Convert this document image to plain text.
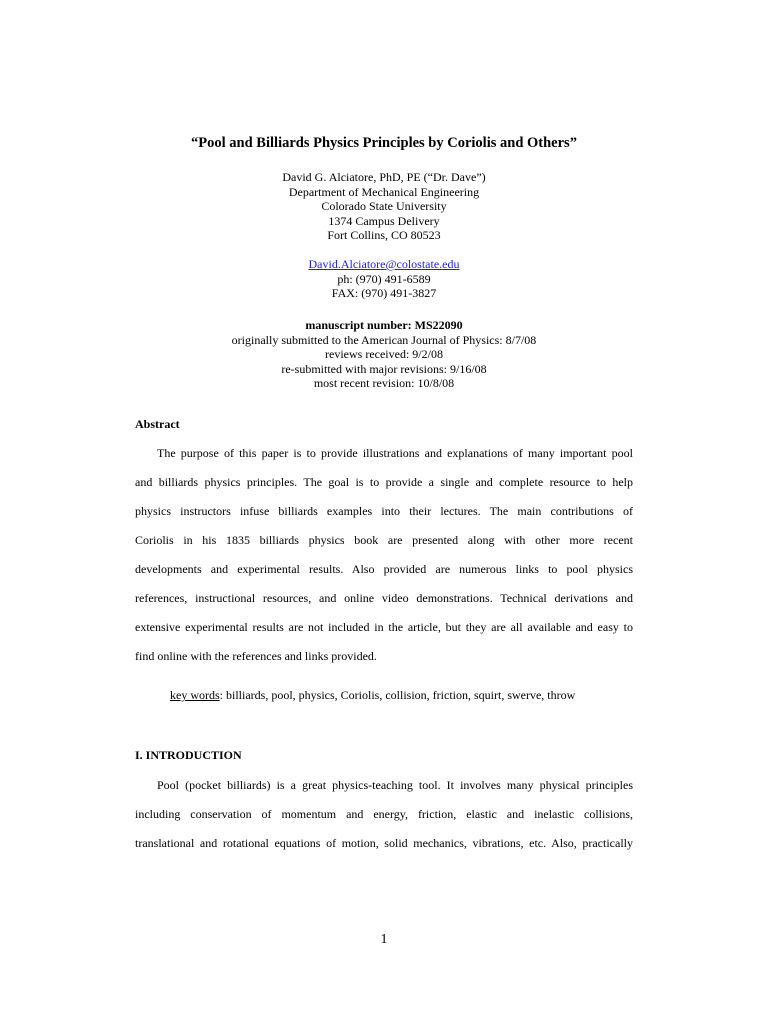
“Pool and Billiards Physics Principles by Coriolis and Others”
David G. Alciatore, PhD, PE (“Dr. Dave”)
Department of Mechanical Engineering
Colorado State University
1374 Campus Delivery
Fort Collins, CO 80523
David.Alciatore@colostate.edu
ph: (970) 491-6589
FAX: (970) 491-3827
manuscript number: MS22090
originally submitted to the American Journal of Physics: 8/7/08
reviews received: 9/2/08
re-submitted with major revisions: 9/16/08
most recent revision: 10/8/08
Abstract
The purpose of this paper is to provide illustrations and explanations of many important pool
and billiards physics principles. The goal is to provide a single and complete resource to help
physics instructors infuse billiards examples into their lectures. The main contributions of
Coriolis in his 1835 billiards physics book are presented along with other more recent
developments and experimental results. Also provided are numerous links to pool physics
references, instructional resources, and online video demonstrations. Technical derivations and
extensive experimental results are not included in the article, but they are all available and easy to
find online with the references and links provided.
key words: billiards, pool, physics, Coriolis, collision, friction, squirt, swerve, throw
I. INTRODUCTION
Pool (pocket billiards) is a great physics-teaching tool. It involves many physical principles
including conservation of momentum and energy, friction, elastic and inelastic collisions,
translational and rotational equations of motion, solid mechanics, vibrations, etc. Also, practically
1
